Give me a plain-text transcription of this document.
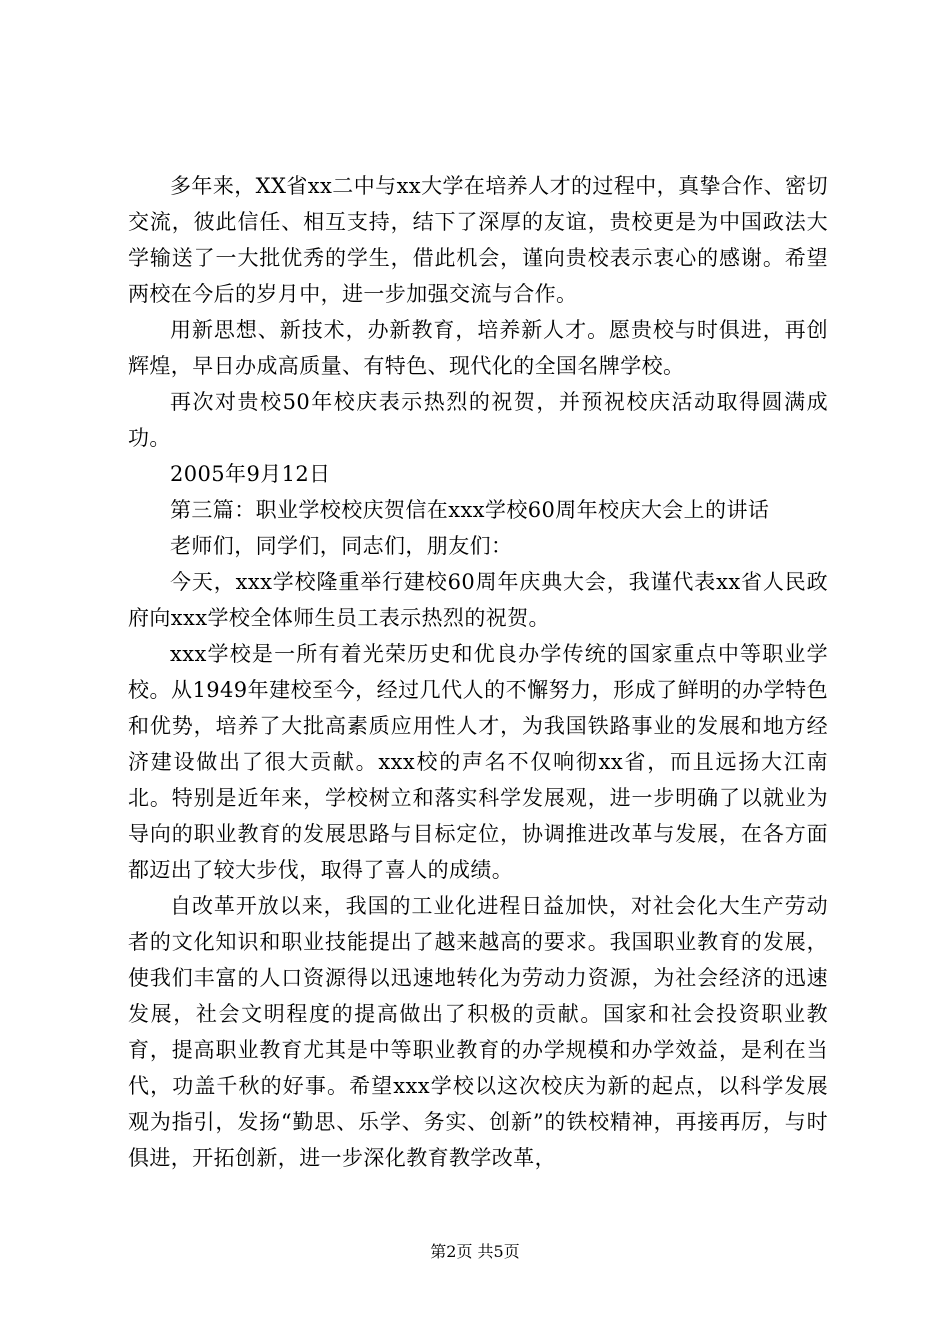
多年来，XX省xx二中与xx大学在培养人才的过程中，真挚合作、密切交流，彼此信任、相互支持，结下了深厚的友谊，贵校更是为中国政法大学输送了一大批优秀的学生，借此机会，谨向贵校表示衷心的感谢。希望两校在今后的岁月中，进一步加强交流与合作。

用新思想、新技术，办新教育，培养新人才。愿贵校与时俱进，再创辉煌，早日办成高质量、有特色、现代化的全国名牌学校。

再次对贵校50年校庆表示热烈的祝贺，并预祝校庆活动取得圆满成功。

2005年9月12日

第三篇：职业学校校庆贺信在xxx学校60周年校庆大会上的讲话

老师们，同学们，同志们，朋友们：

今天，xxx学校隆重举行建校60周年庆典大会，我谨代表xx省人民政府向xxx学校全体师生员工表示热烈的祝贺。

xxx学校是一所有着光荣历史和优良办学传统的国家重点中等职业学校。从1949年建校至今，经过几代人的不懈努力，形成了鲜明的办学特色和优势，培养了大批高素质应用性人才，为我国铁路事业的发展和地方经济建设做出了很大贡献。xxx校的声名不仅响彻xx省，而且远扬大江南北。特别是近年来，学校树立和落实科学发展观，进一步明确了以就业为导向的职业教育的发展思路与目标定位，协调推进改革与发展，在各方面都迈出了较大步伐，取得了喜人的成绩。

自改革开放以来，我国的工业化进程日益加快，对社会化大生产劳动者的文化知识和职业技能提出了越来越高的要求。我国职业教育的发展，使我们丰富的人口资源得以迅速地转化为劳动力资源，为社会经济的迅速发展，社会文明程度的提高做出了积极的贡献。国家和社会投资职业教育，提高职业教育尤其是中等职业教育的办学规模和办学效益，是利在当代，功盖千秋的好事。希望xxx学校以这次校庆为新的起点，以科学发展观为指引，发扬“勤思、乐学、务实、创新”的铁校精神，再接再厉，与时俱进，开拓创新，进一步深化教育教学改革，

第2页 共5页
